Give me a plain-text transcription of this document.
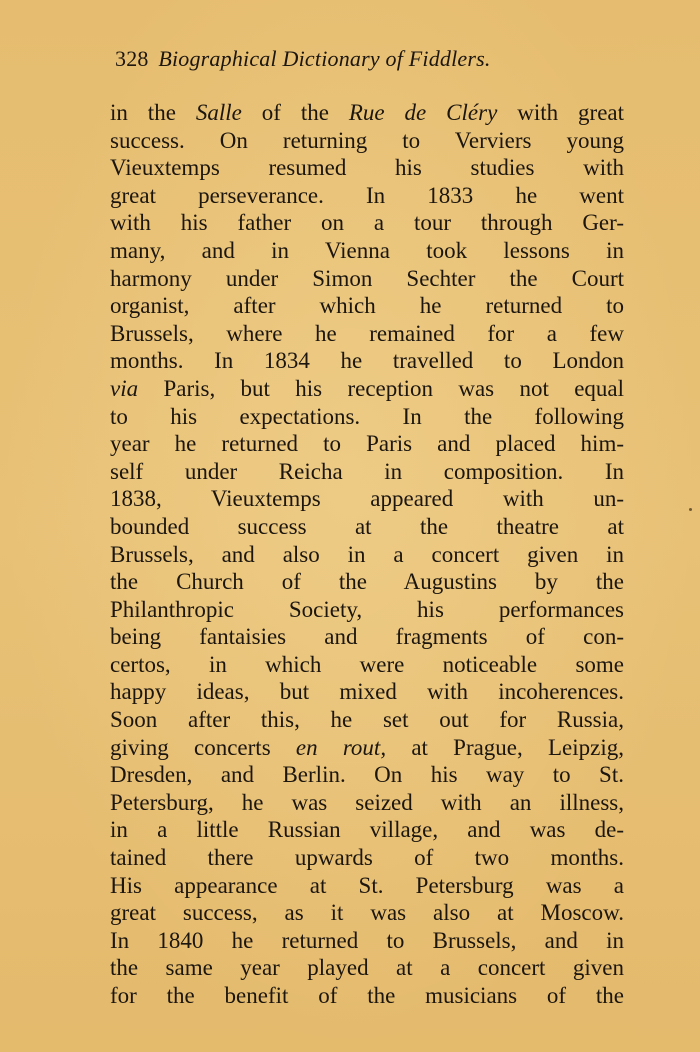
328 Biographical Dictionary of Fiddlers.
in the Salle of the Rue de Cléry with great
success. On returning to Verviers young
Vieuxtemps resumed his studies with
great perseverance. In 1833 he went
with his father on a tour through Ger-
many, and in Vienna took lessons in
harmony under Simon Sechter the Court
organist, after which he returned to
Brussels, where he remained for a few
months. In 1834 he travelled to London
via Paris, but his reception was not equal
to his expectations. In the following
year he returned to Paris and placed him-
self under Reicha in composition. In
1838, Vieuxtemps appeared with un-
bounded success at the theatre at
Brussels, and also in a concert given in
the Church of the Augustins by the
Philanthropic Society, his performances
being fantaisies and fragments of con-
certos, in which were noticeable some
happy ideas, but mixed with incoherences.
Soon after this, he set out for Russia,
giving concerts en rout, at Prague, Leipzig,
Dresden, and Berlin. On his way to St.
Petersburg, he was seized with an illness,
in a little Russian village, and was de-
tained there upwards of two months.
His appearance at St. Petersburg was a
great success, as it was also at Moscow.
In 1840 he returned to Brussels, and in
the same year played at a concert given
for the benefit of the musicians of the
